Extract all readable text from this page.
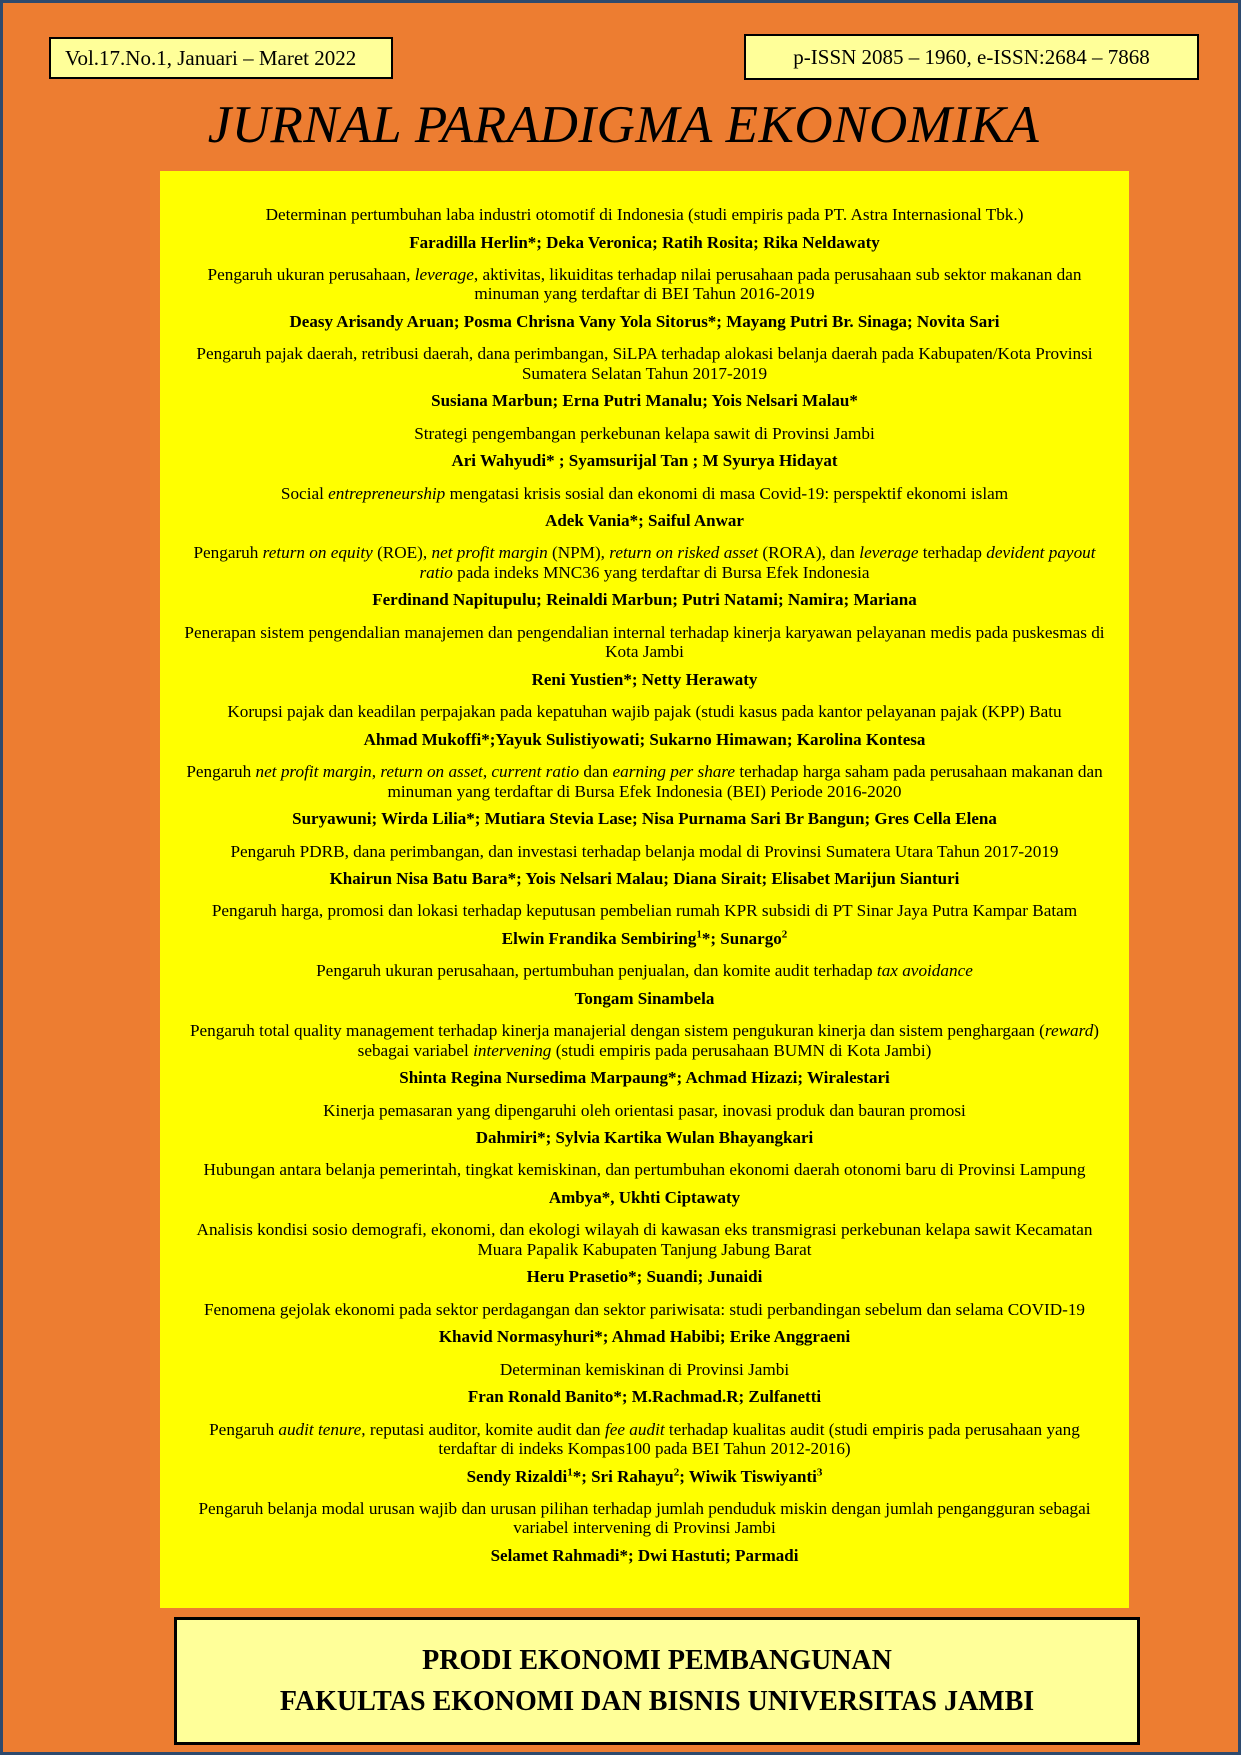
Vol.17.No.1, Januari – Maret 2022	p-ISSN 2085 – 1960, e-ISSN:2684 – 7868
JURNAL PARADIGMA EKONOMIKA
Determinan pertumbuhan laba industri otomotif di Indonesia (studi empiris pada PT. Astra Internasional Tbk.)
Faradilla Herlin*; Deka Veronica; Ratih Rosita; Rika Neldawaty
Pengaruh ukuran perusahaan, leverage, aktivitas, likuiditas terhadap nilai perusahaan pada perusahaan sub sektor makanan dan minuman yang terdaftar di BEI Tahun 2016-2019
Deasy Arisandy Aruan; Posma Chrisna Vany Yola Sitorus*; Mayang Putri Br. Sinaga; Novita Sari
Pengaruh pajak daerah, retribusi daerah, dana perimbangan, SiLPA terhadap alokasi belanja daerah pada Kabupaten/Kota Provinsi Sumatera Selatan Tahun 2017-2019
Susiana Marbun; Erna Putri Manalu; Yois Nelsari Malau*
Strategi pengembangan perkebunan kelapa sawit di Provinsi Jambi
Ari Wahyudi* ; Syamsurijal Tan ; M Syurya Hidayat
Social entrepreneurship mengatasi krisis sosial dan ekonomi di masa Covid-19: perspektif ekonomi islam
Adek Vania*; Saiful Anwar
Pengaruh return on equity (ROE), net profit margin (NPM), return on risked asset (RORA), dan leverage terhadap devident payout ratio pada indeks MNC36 yang terdaftar di Bursa Efek Indonesia
Ferdinand Napitupulu; Reinaldi Marbun; Putri Natami; Namira; Mariana
Penerapan sistem pengendalian manajemen dan pengendalian internal terhadap kinerja karyawan pelayanan medis pada puskesmas di Kota Jambi
Reni Yustien*; Netty Herawaty
Korupsi pajak dan keadilan perpajakan pada kepatuhan wajib pajak (studi kasus pada kantor pelayanan pajak (KPP) Batu
Ahmad Mukoffi*;Yayuk Sulistiyowati; Sukarno Himawan; Karolina Kontesa
Pengaruh net profit margin, return on asset, current ratio dan earning per share terhadap harga saham pada perusahaan makanan dan minuman yang terdaftar di Bursa Efek Indonesia (BEI) Periode 2016-2020
Suryawuni; Wirda Lilia*; Mutiara Stevia Lase; Nisa Purnama Sari Br Bangun; Gres Cella Elena
Pengaruh PDRB, dana perimbangan, dan investasi terhadap belanja modal di Provinsi Sumatera Utara Tahun 2017-2019
Khairun Nisa Batu Bara*; Yois Nelsari Malau; Diana Sirait; Elisabet Marijun Sianturi
Pengaruh harga, promosi dan lokasi terhadap keputusan pembelian rumah KPR subsidi di PT Sinar Jaya Putra Kampar Batam
Elwin Frandika Sembiring$^1$*; Sunargo$^2$
Pengaruh ukuran perusahaan, pertumbuhan penjualan, dan komite audit terhadap tax avoidance
Tongam Sinambela
Pengaruh total quality management terhadap kinerja manajerial dengan sistem pengukuran kinerja dan sistem penghargaan (reward) sebagai variabel intervening (studi empiris pada perusahaan BUMN di Kota Jambi)
Shinta Regina Nursedima Marpaung*; Achmad Hizazi; Wiralestari
Kinerja pemasaran yang dipengaruhi oleh orientasi pasar, inovasi produk dan bauran promosi
Dahmiri*; Sylvia Kartika Wulan Bhayangkari
Hubungan antara belanja pemerintah, tingkat kemiskinan, dan pertumbuhan ekonomi daerah otonomi baru di Provinsi Lampung
Ambya*, Ukhti Ciptawaty
Analisis kondisi sosio demografi, ekonomi, dan ekologi wilayah di kawasan eks transmigrasi perkebunan kelapa sawit Kecamatan Muara Papalik Kabupaten Tanjung Jabung Barat
Heru Prasetio*; Suandi; Junaidi
Fenomena gejolak ekonomi pada sektor perdagangan dan sektor pariwisata: studi perbandingan sebelum dan selama COVID-19
Khavid Normasyhuri*; Ahmad Habibi; Erike Anggraeni
Determinan kemiskinan di Provinsi Jambi
Fran Ronald Banito*; M.Rachmad.R; Zulfanetti
Pengaruh audit tenure, reputasi auditor, komite audit dan fee audit terhadap kualitas audit (studi empiris pada perusahaan yang terdaftar di indeks Kompas100 pada BEI Tahun 2012-2016)
Sendy Rizaldi$^1$*; Sri Rahayu$^2$; Wiwik Tiswiyanti$^3$
Pengaruh belanja modal urusan wajib dan urusan pilihan terhadap jumlah penduduk miskin dengan jumlah pengangguran sebagai variabel intervening di Provinsi Jambi
Selamet Rahmadi*; Dwi Hastuti; Parmadi
PRODI EKONOMI PEMBANGUNAN
FAKULTAS EKONOMI DAN BISNIS UNIVERSITAS JAMBI
